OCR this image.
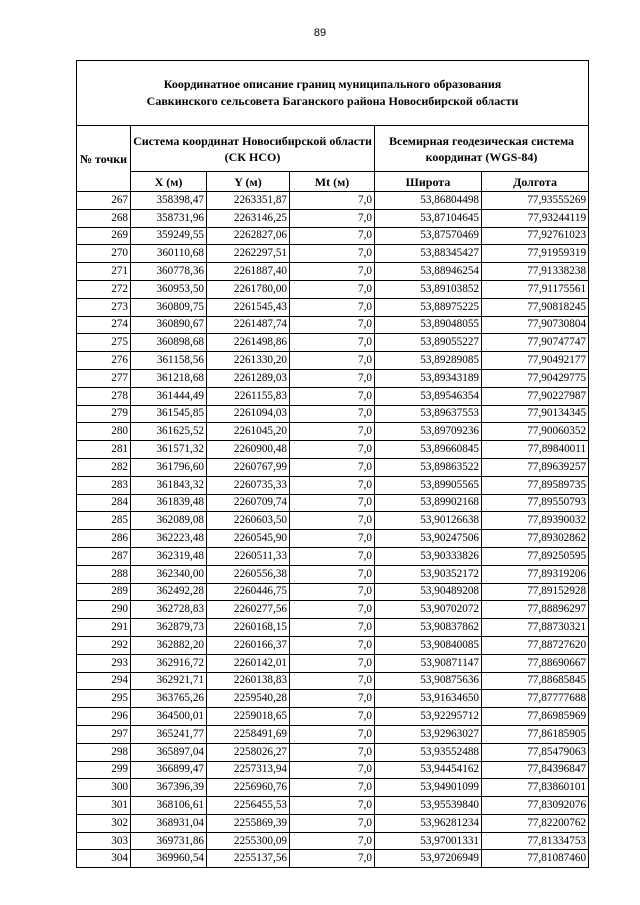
89
Координатное описание границ муниципального образования
Савкинского сельсовета Баганского района Новосибирской области					

№ точки	Система координат Новосибирской области (СК НСО)			Всемирная геодезическая система координат (WGS-84)	
	X (м)	Y (м)	Mt (м)	Широта	Долгота
267	358398,47	2263351,87	7,0	53,86804498	77,93555269
268	358731,96	2263146,25	7,0	53,87104645	77,93244119
269	359249,55	2262827,06	7,0	53,87570469	77,92761023
270	360110,68	2262297,51	7,0	53,88345427	77,91959319
271	360778,36	2261887,40	7,0	53,88946254	77,91338238
272	360953,50	2261780,00	7,0	53,89103852	77,91175561
273	360809,75	2261545,43	7,0	53,88975225	77,90818245
274	360890,67	2261487,74	7,0	53,89048055	77,90730804
275	360898,68	2261498,86	7,0	53,89055227	77,90747747
276	361158,56	2261330,20	7,0	53,89289085	77,90492177
277	361218,68	2261289,03	7,0	53,89343189	77,90429775
278	361444,49	2261155,83	7,0	53,89546354	77,90227987
279	361545,85	2261094,03	7,0	53,89637553	77,90134345
280	361625,52	2261045,20	7,0	53,89709236	77,90060352
281	361571,32	2260900,48	7,0	53,89660845	77,89840011
282	361796,60	2260767,99	7,0	53,89863522	77,89639257
283	361843,32	2260735,33	7,0	53,89905565	77,89589735
284	361839,48	2260709,74	7,0	53,89902168	77,89550793
285	362089,08	2260603,50	7,0	53,90126638	77,89390032
286	362223,48	2260545,90	7,0	53,90247506	77,89302862
287	362319,48	2260511,33	7,0	53,90333826	77,89250595
288	362340,00	2260556,38	7,0	53,90352172	77,89319206
289	362492,28	2260446,75	7,0	53,90489208	77,89152928
290	362728,83	2260277,56	7,0	53,90702072	77,88896297
291	362879,73	2260168,15	7,0	53,90837862	77,88730321
292	362882,20	2260166,37	7,0	53,90840085	77,88727620
293	362916,72	2260142,01	7,0	53,90871147	77,88690667
294	362921,71	2260138,83	7,0	53,90875636	77,88685845
295	363765,26	2259540,28	7,0	53,91634650	77,87777688
296	364500,01	2259018,65	7,0	53,92295712	77,86985969
297	365241,77	2258491,69	7,0	53,92963027	77,86185905
298	365897,04	2258026,27	7,0	53,93552488	77,85479063
299	366899,47	2257313,94	7,0	53,94454162	77,84396847
300	367396,39	2256960,76	7,0	53,94901099	77,83860101
301	368106,61	2256455,53	7,0	53,95539840	77,83092076
302	368931,04	2255869,39	7,0	53,96281234	77,82200762
303	369731,86	2255300,09	7,0	53,97001331	77,81334753
304	369960,54	2255137,56	7,0	53,97206949	77,81087460
